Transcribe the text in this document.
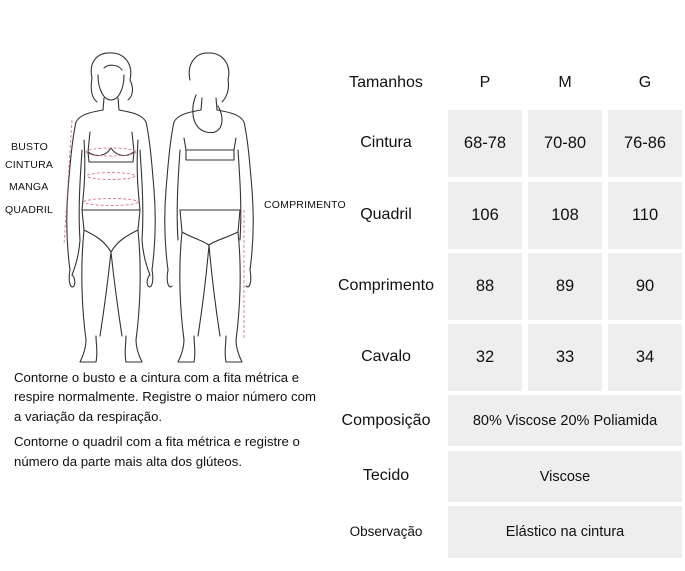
BUSTO
CINTURA
MANGA
QUADRIL	COMPRIMENTO

Contorne o busto e a cintura com a fita métrica e respire normalmente. Registre o maior número com a variação da respiração.

Contorne o quadril com a fita métrica e registre o número da parte mais alta dos glúteos.

Tamanhos	P	M	G
Cintura	68-78	70-80	76-86
Quadril	106	108	110
Comprimento	88	89	90
Cavalo	32	33	34
Composição	80% Viscose 20% Poliamida
Tecido	Viscose
Observação	Elástico na cintura
